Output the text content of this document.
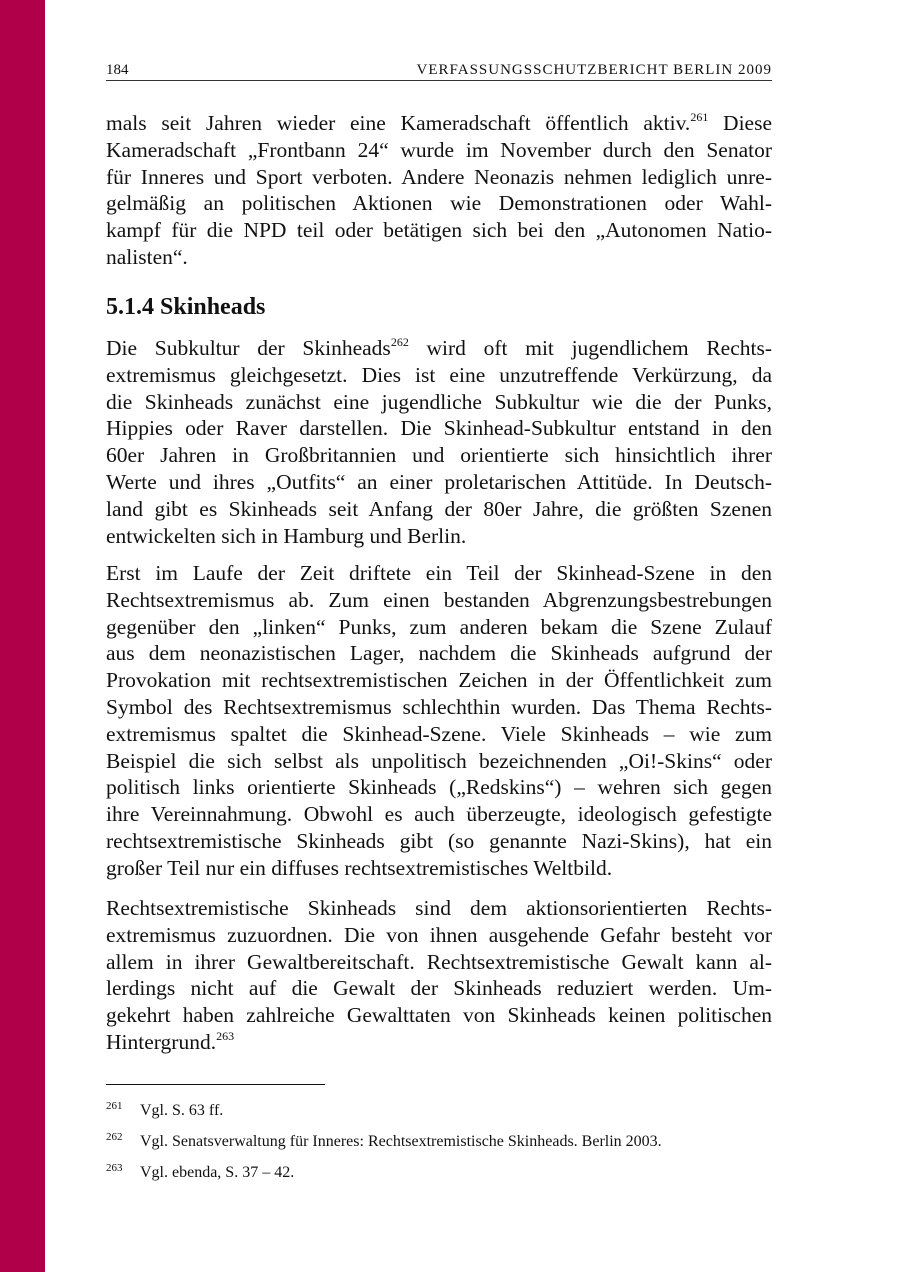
184	VERFASSUNGSSCHUTZBERICHT BERLIN 2009
mals seit Jahren wieder eine Kameradschaft öffentlich aktiv.$^{261}$ Diese
Kameradschaft „Frontbann 24“ wurde im November durch den Senator
für Inneres und Sport verboten. Andere Neonazis nehmen lediglich unre-
gelmäßig an politischen Aktionen wie Demonstrationen oder Wahl-
kampf für die NPD teil oder betätigen sich bei den „Autonomen Natio-
nalisten“.
5.1.4 Skinheads
Die Subkultur der Skinheads$^{262}$ wird oft mit jugendlichem Rechts-
extremismus gleichgesetzt. Dies ist eine unzutreffende Verkürzung, da
die Skinheads zunächst eine jugendliche Subkultur wie die der Punks,
Hippies oder Raver darstellen. Die Skinhead-Subkultur entstand in den
60er Jahren in Großbritannien und orientierte sich hinsichtlich ihrer
Werte und ihres „Outfits“ an einer proletarischen Attitüde. In Deutsch-
land gibt es Skinheads seit Anfang der 80er Jahre, die größten Szenen
entwickelten sich in Hamburg und Berlin.
Erst im Laufe der Zeit driftete ein Teil der Skinhead-Szene in den
Rechtsextremismus ab. Zum einen bestanden Abgrenzungsbestrebungen
gegenüber den „linken“ Punks, zum anderen bekam die Szene Zulauf
aus dem neonazistischen Lager, nachdem die Skinheads aufgrund der
Provokation mit rechtsextremistischen Zeichen in der Öffentlichkeit zum
Symbol des Rechtsextremismus schlechthin wurden. Das Thema Rechts-
extremismus spaltet die Skinhead-Szene. Viele Skinheads – wie zum
Beispiel die sich selbst als unpolitisch bezeichnenden „Oi!-Skins“ oder
politisch links orientierte Skinheads („Redskins“) – wehren sich gegen
ihre Vereinnahmung. Obwohl es auch überzeugte, ideologisch gefestigte
rechtsextremistische Skinheads gibt (so genannte Nazi-Skins), hat ein
großer Teil nur ein diffuses rechtsextremistisches Weltbild.
Rechtsextremistische Skinheads sind dem aktionsorientierten Rechts-
extremismus zuzuordnen. Die von ihnen ausgehende Gefahr besteht vor
allem in ihrer Gewaltbereitschaft. Rechtsextremistische Gewalt kann al-
lerdings nicht auf die Gewalt der Skinheads reduziert werden. Um-
gekehrt haben zahlreiche Gewalttaten von Skinheads keinen politischen
Hintergrund.$^{263}$
261 Vgl. S. 63 ff.
262 Vgl. Senatsverwaltung für Inneres: Rechtsextremistische Skinheads. Berlin 2003.
263 Vgl. ebenda, S. 37 – 42.
